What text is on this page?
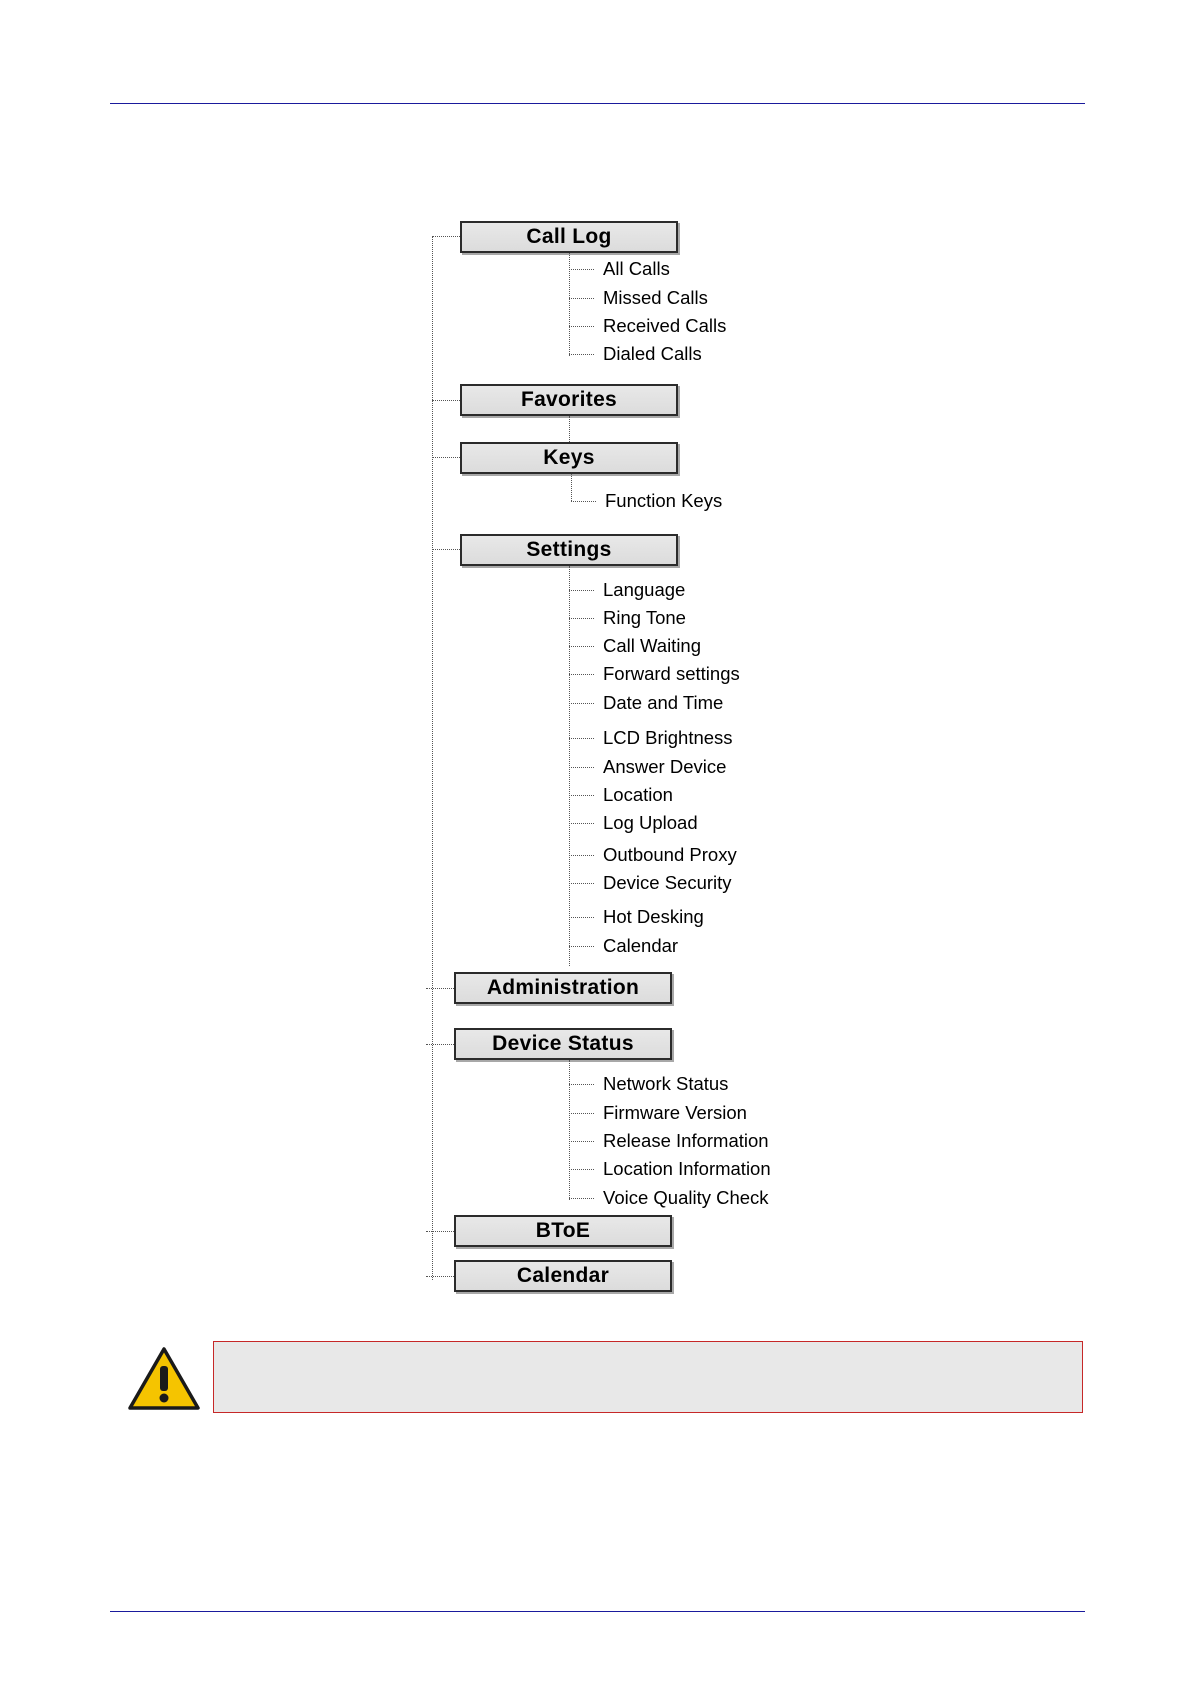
Call Log
All Calls
Missed Calls
Received Calls
Dialed Calls
Favorites
Keys
Function Keys
Settings
Language
Ring Tone
Call Waiting
Forward settings
Date and Time
LCD Brightness
Answer Device
Location
Log Upload
Outbound Proxy
Device Security
Hot Desking
Calendar
Administration
Device Status
Network Status
Firmware Version
Release Information
Location Information
Voice Quality Check
BToE
Calendar
